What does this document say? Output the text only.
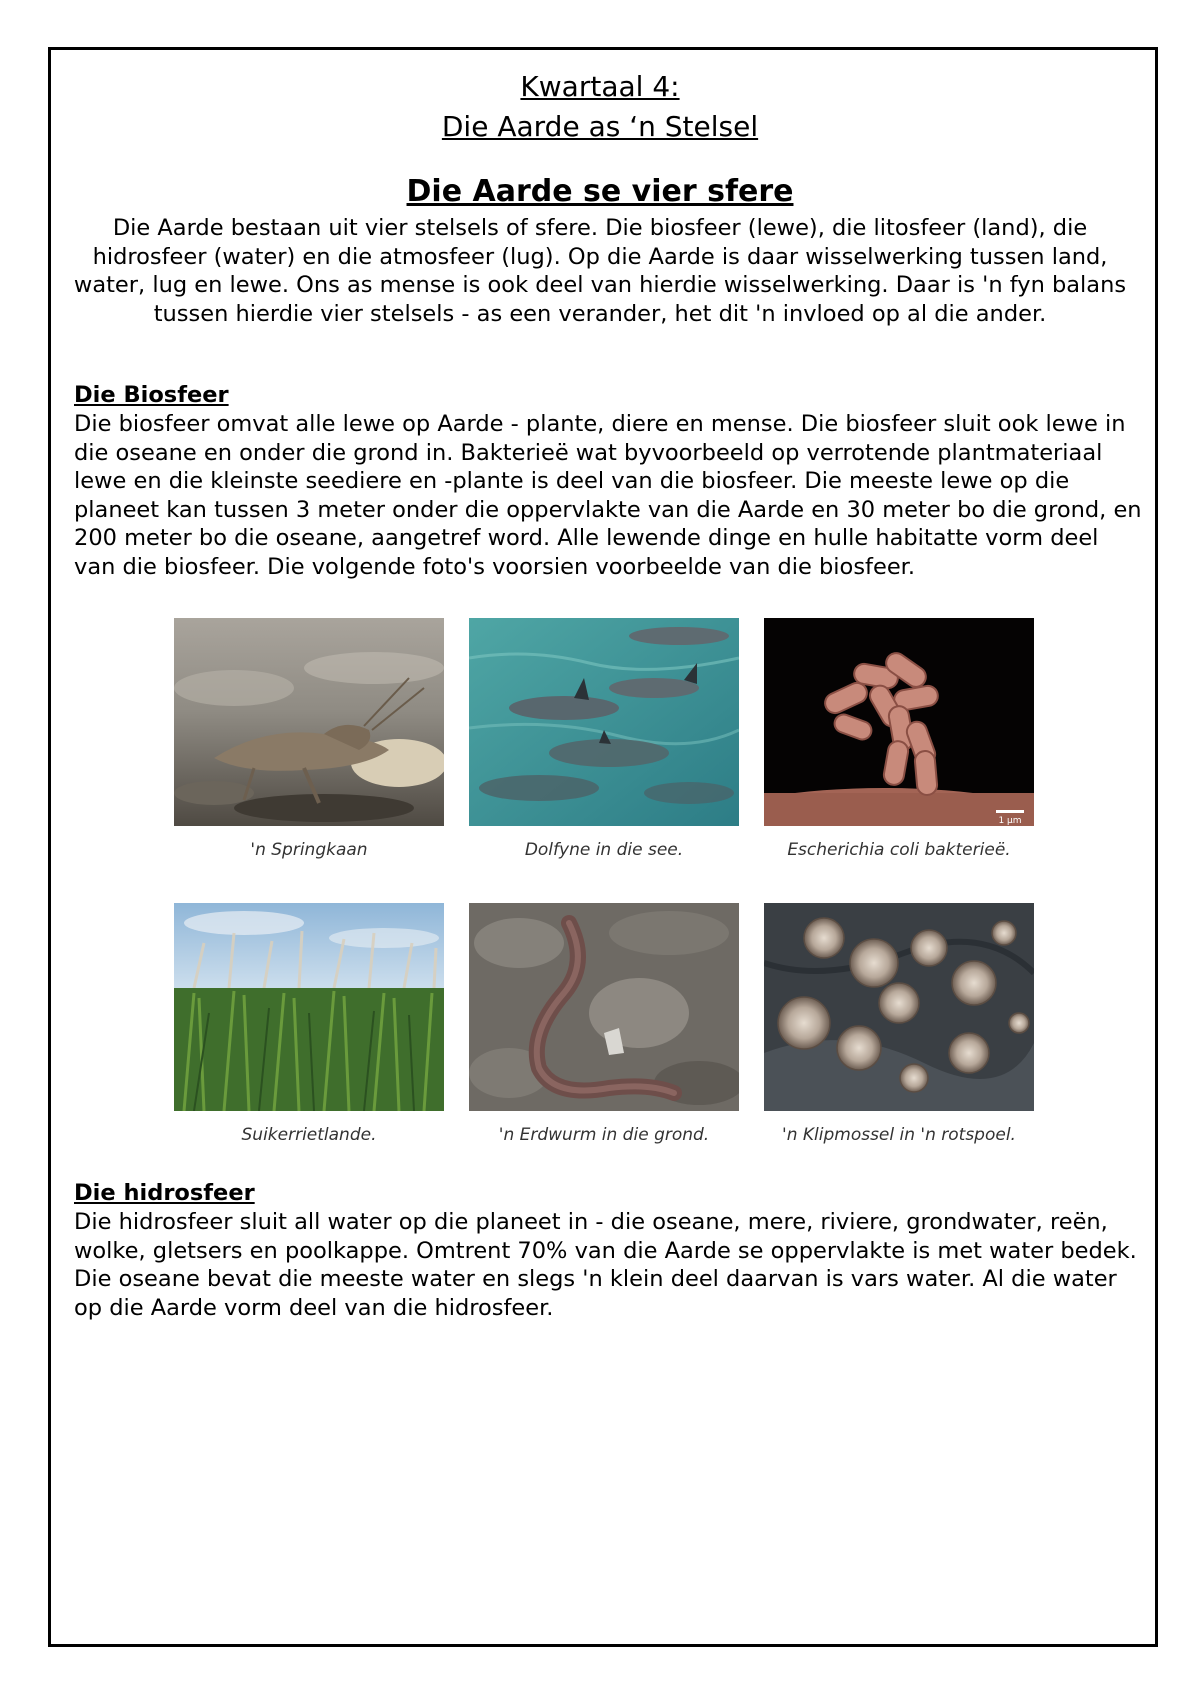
Kwartaal 4:
Die Aarde as ‘n Stelsel
Die Aarde se vier sfere
Die Aarde bestaan uit vier stelsels of sfere. Die biosfeer (lewe), die litosfeer (land), die hidrosfeer (water) en die atmosfeer (lug). Op die Aarde is daar wisselwerking tussen land, water, lug en lewe. Ons as mense is ook deel van hierdie wisselwerking. Daar is 'n fyn balans tussen hierdie vier stelsels - as een verander, het dit 'n invloed op al die ander.
Die Biosfeer
Die biosfeer omvat alle lewe op Aarde - plante, diere en mense. Die biosfeer sluit ook lewe in die oseane en onder die grond in. Bakterieë wat byvoorbeeld op verrotende plantmateriaal lewe en die kleinste seediere en -plante is deel van die biosfeer. Die meeste lewe op die planeet kan tussen 3 meter onder die oppervlakte van die Aarde en 30 meter bo die grond, en 200 meter bo die oseane, aangetref word. Alle lewende dinge en hulle habitatte vorm deel van die biosfeer. Die volgende foto's voorsien voorbeelde van die biosfeer.
'n Springkaan	Dolfyne in die see.
1 μm
Escherichia coli bakterieë.
Suikerrietlande.	'n Erdwurm in die grond.	'n Klipmossel in 'n rotspoel.
Die hidrosfeer
Die hidrosfeer sluit all water op die planeet in - die oseane, mere, riviere, grondwater, reën, wolke, gletsers en poolkappe. Omtrent 70% van die Aarde se oppervlakte is met water bedek. Die oseane bevat die meeste water en slegs 'n klein deel daarvan is vars water. Al die water op die Aarde vorm deel van die hidrosfeer.
